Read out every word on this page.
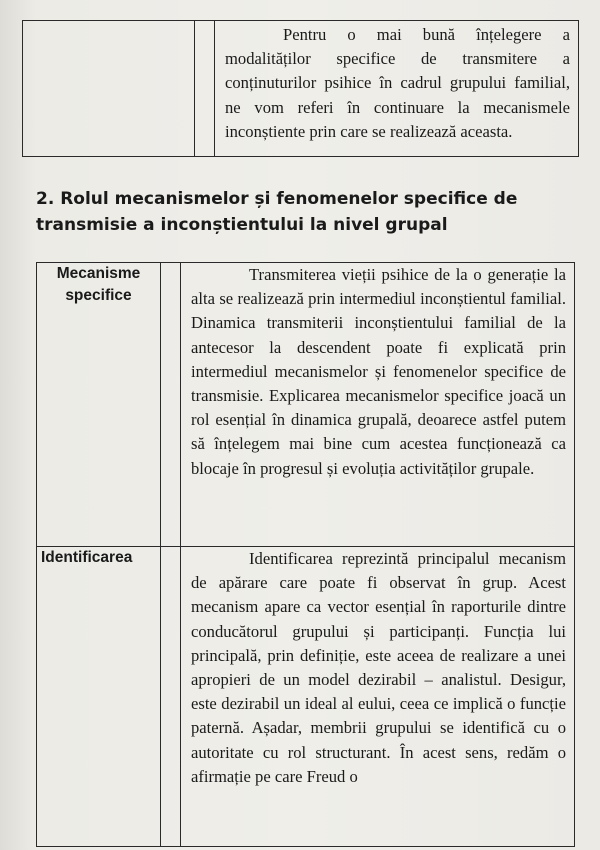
Pentru o mai bună înțelegere a modalităților specifice de transmitere a conținuturilor psihice în cadrul grupului familial, ne vom referi în continuare la mecanismele inconștiente prin care se realizează aceasta.
2. Rolul mecanismelor și fenomenelor specifice de transmisie a inconștientului la nivel grupal
Mecanisme specifice		Transmiterea vieții psihice de la o generație la alta se realizează prin intermediul inconștientul familial. Dinamica transmiterii inconștientului familial de la antecesor la descendent poate fi explicată prin intermediul mecanismelor și fenomenelor specifice de transmisie. Explicarea mecanismelor specifice joacă un rol esențial în dinamica grupală, deoarece astfel putem să înțelegem mai bine cum acestea funcționează ca blocaje în progresul și evoluția activităților grupale.

Identificarea		Identificarea reprezintă principalul mecanism de apărare care poate fi observat în grup. Acest mecanism apare ca vector esențial în raporturile dintre conducătorul grupului și participanți. Funcția lui principală, prin definiție, este aceea de realizare a unei apropieri de un model dezirabil – analistul. Desigur, este dezirabil un ideal al eului, ceea ce implică o funcție paternă. Așadar, membrii grupului se identifică cu o autoritate cu rol structurant. În acest sens, redăm o afirmație pe care Freud o
